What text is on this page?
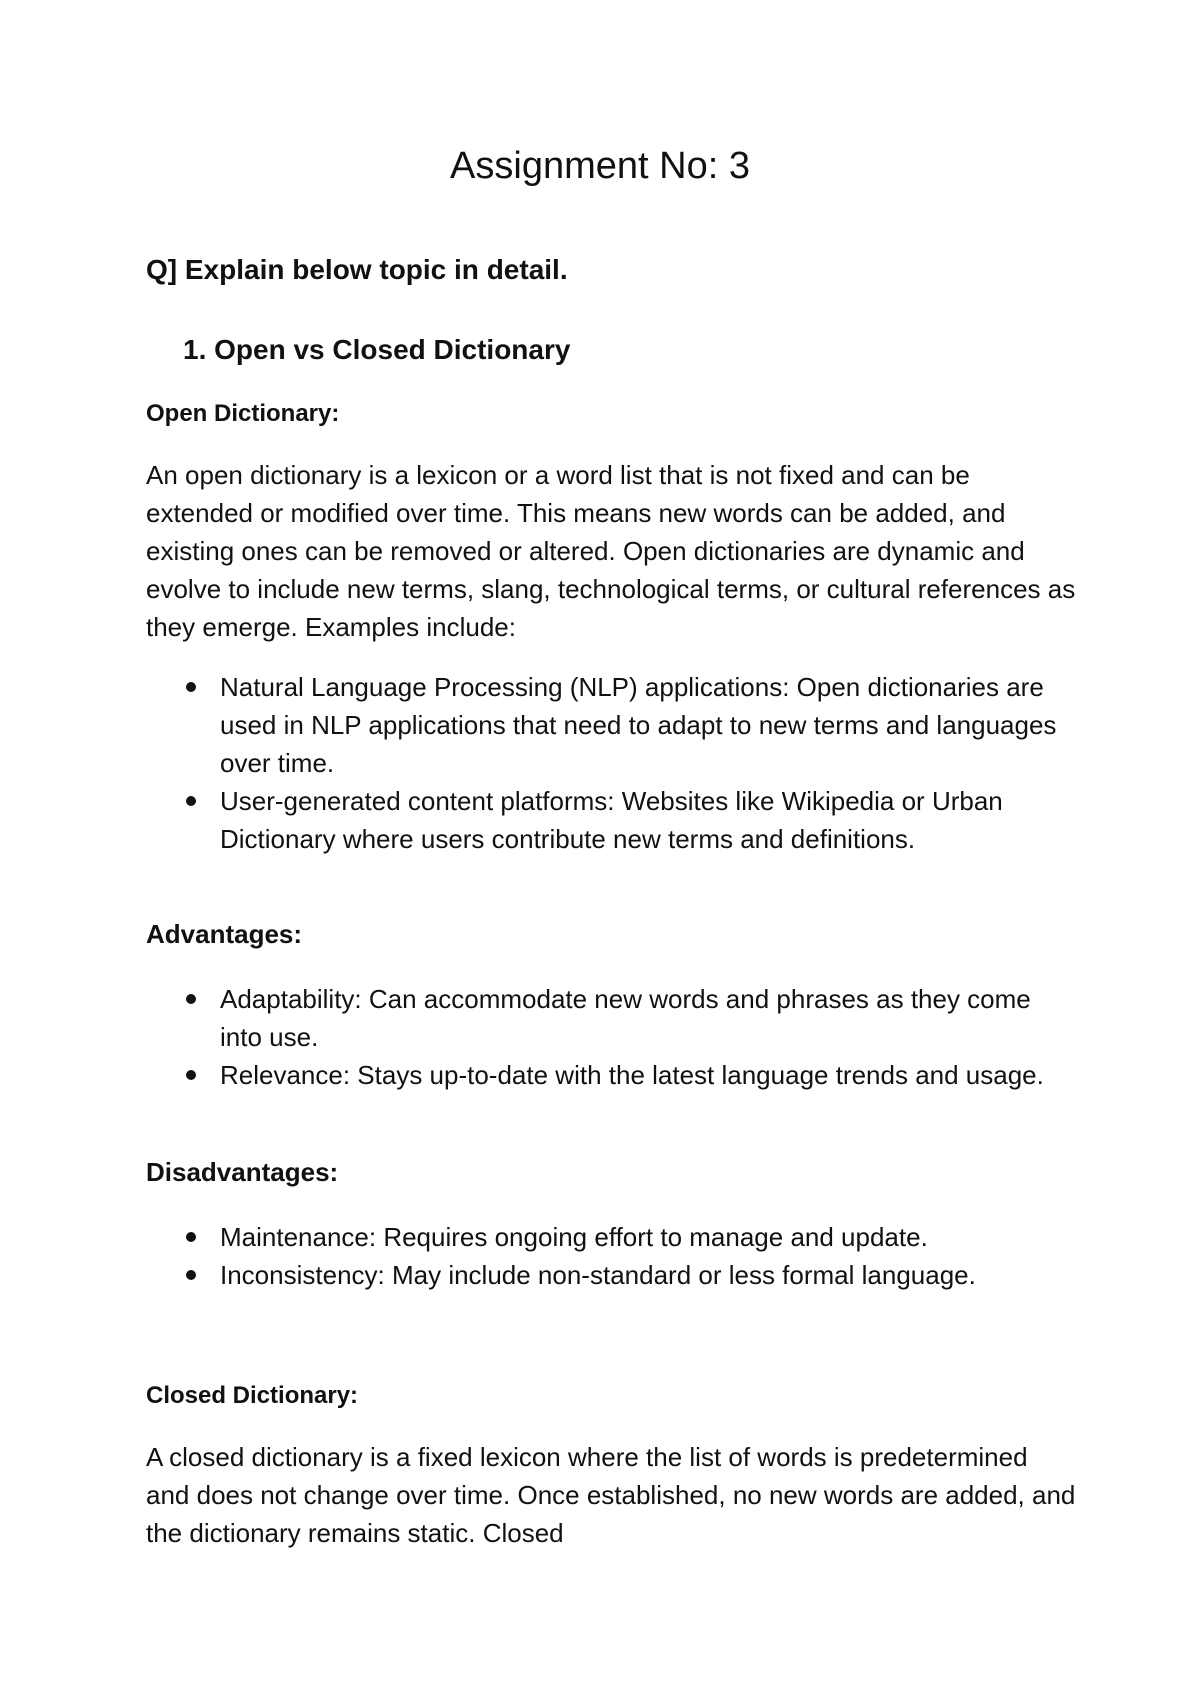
Assignment No: 3

Q] Explain below topic in detail.

1. Open vs Closed Dictionary

Open Dictionary:

An open dictionary is a lexicon or a word list that is not fixed and can be extended or modified over time. This means new words can be added, and existing ones can be removed or altered. Open dictionaries are dynamic and evolve to include new terms, slang, technological terms, or cultural references as they emerge. Examples include:

Natural Language Processing (NLP) applications: Open dictionaries are used in NLP applications that need to adapt to new terms and languages over time.
User-generated content platforms: Websites like Wikipedia or Urban Dictionary where users contribute new terms and definitions.

Advantages:

Adaptability: Can accommodate new words and phrases as they come into use.
Relevance: Stays up-to-date with the latest language trends and usage.

Disadvantages:

Maintenance: Requires ongoing effort to manage and update.
Inconsistency: May include non-standard or less formal language.

Closed Dictionary:

A closed dictionary is a fixed lexicon where the list of words is predetermined and does not change over time. Once established, no new words are added, and the dictionary remains static. Closed
